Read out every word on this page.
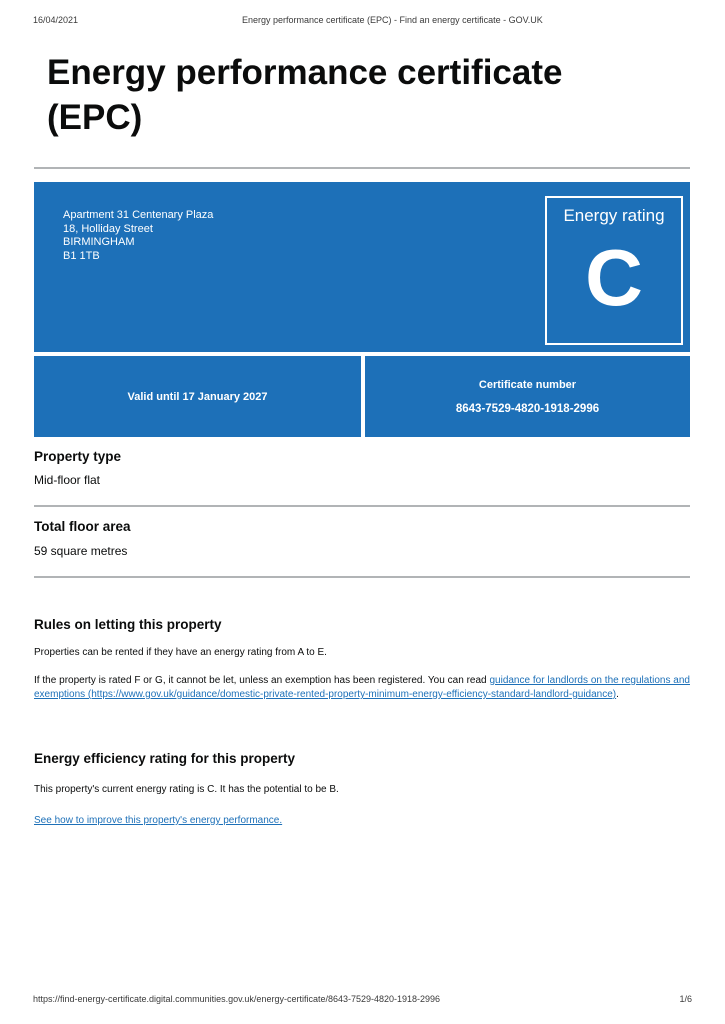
16/04/2021	Energy performance certificate (EPC) - Find an energy certificate - GOV.UK
Energy performance certificate (EPC)
Apartment 31 Centenary Plaza
18, Holliday Street
BIRMINGHAM
B1 1TB
Energy rating
C
Valid until 17 January 2027
Certificate number
8643-7529-4820-1918-2996
Property type

Mid-floor flat

Total floor area

59 square metres

Rules on letting this property

Properties can be rented if they have an energy rating from A to E.

If the property is rated F or G, it cannot be let, unless an exemption has been registered. You can read guidance for landlords on the regulations and exemptions (https://www.gov.uk/guidance/domestic-private-rented-property-minimum-energy-efficiency-standard-landlord-guidance).

Energy efficiency rating for this property

This property's current energy rating is C. It has the potential to be B.

See how to improve this property's energy performance.

https://find-energy-certificate.digital.communities.gov.uk/energy-certificate/8643-7529-4820-1918-2996	1/6
